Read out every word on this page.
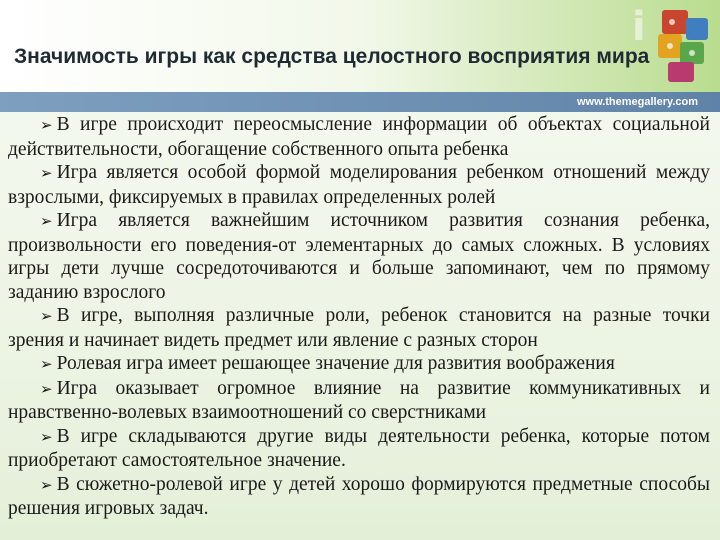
i
Значимость игры как средства целостного восприятия мира
www.themegallery.com
➢ В игре происходит переосмысление информации об объектах социальной действительности, обогащение собственного опыта ребенка
➢ Игра является особой формой моделирования ребенком отношений между взрослыми, фиксируемых в правилах определенных ролей
➢ Игра является важнейшим источником развития сознания ребенка, произвольности его поведения-от элементарных до самых сложных. В условиях игры дети лучше сосредоточиваются и больше запоминают, чем по прямому заданию взрослого
➢ В игре, выполняя различные роли, ребенок становится на разные точки зрения и начинает видеть предмет или явление с разных сторон
➢ Ролевая игра имеет решающее значение для развития воображения
➢ Игра оказывает огромное влияние на развитие коммуникативных и нравственно-волевых взаимоотношений со сверстниками
➢ В игре складываются другие виды деятельности ребенка, которые потом приобретают самостоятельное значение.
➢ В сюжетно-ролевой игре у детей хорошо формируются предметные способы решения игровых задач.
